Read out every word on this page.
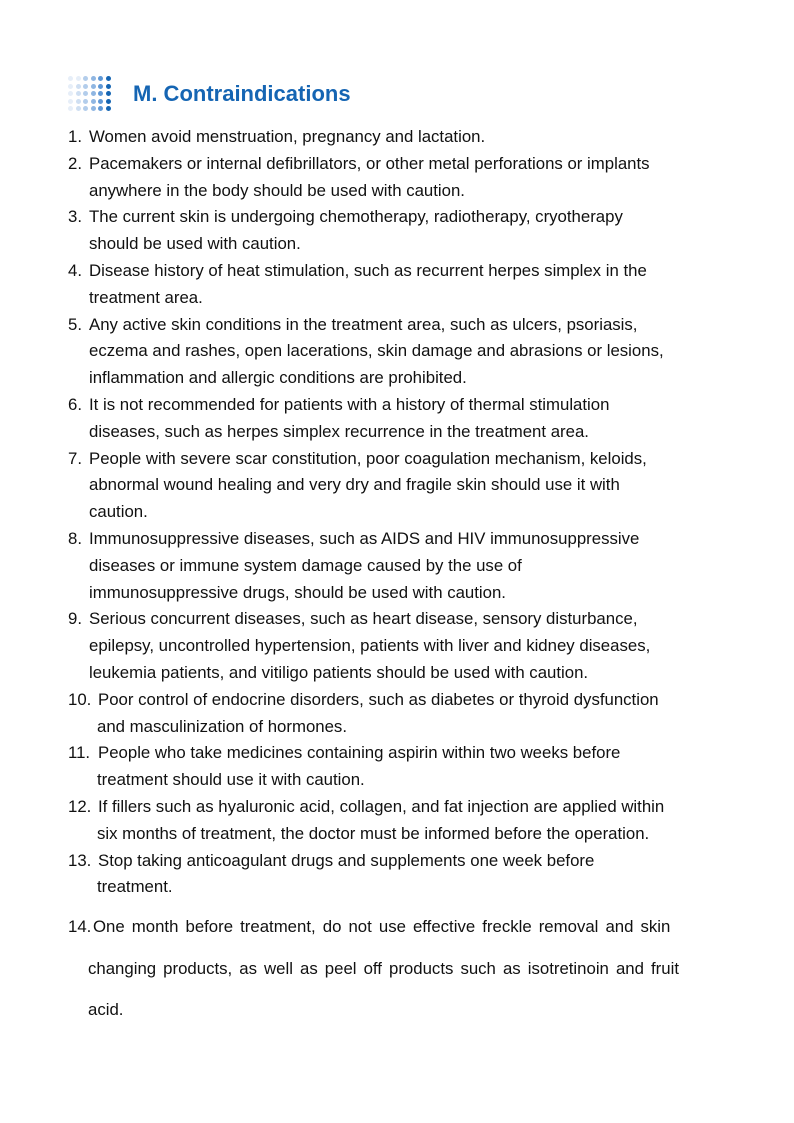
M. Contraindications
1. Women avoid menstruation, pregnancy and lactation.
2. Pacemakers or internal defibrillators, or other metal perforations or implants
anywhere in the body should be used with caution.
3. The current skin is undergoing chemotherapy, radiotherapy, cryotherapy
should be used with caution.
4. Disease history of heat stimulation, such as recurrent herpes simplex in the
treatment area.
5. Any active skin conditions in the treatment area, such as ulcers, psoriasis,
eczema and rashes, open lacerations, skin damage and abrasions or lesions,
inflammation and allergic conditions are prohibited.
6. It is not recommended for patients with a history of thermal stimulation
diseases, such as herpes simplex recurrence in the treatment area.
7. People with severe scar constitution, poor coagulation mechanism, keloids,
abnormal wound healing and very dry and fragile skin should use it with
caution.
8. Immunosuppressive diseases, such as AIDS and HIV immunosuppressive
diseases or immune system damage caused by the use of
immunosuppressive drugs, should be used with caution.
9. Serious concurrent diseases, such as heart disease, sensory disturbance,
epilepsy, uncontrolled hypertension, patients with liver and kidney diseases,
leukemia patients, and vitiligo patients should be used with caution.
10. Poor control of endocrine disorders, such as diabetes or thyroid dysfunction
and masculinization of hormones.
11. People who take medicines containing aspirin within two weeks before
treatment should use it with caution.
12. If fillers such as hyaluronic acid, collagen, and fat injection are applied within
six months of treatment, the doctor must be informed before the operation.
13. Stop taking anticoagulant drugs and supplements one week before
treatment.
14. One month before treatment, do not use effective freckle removal and skin
changing products, as well as peel off products such as isotretinoin and fruit
acid.
